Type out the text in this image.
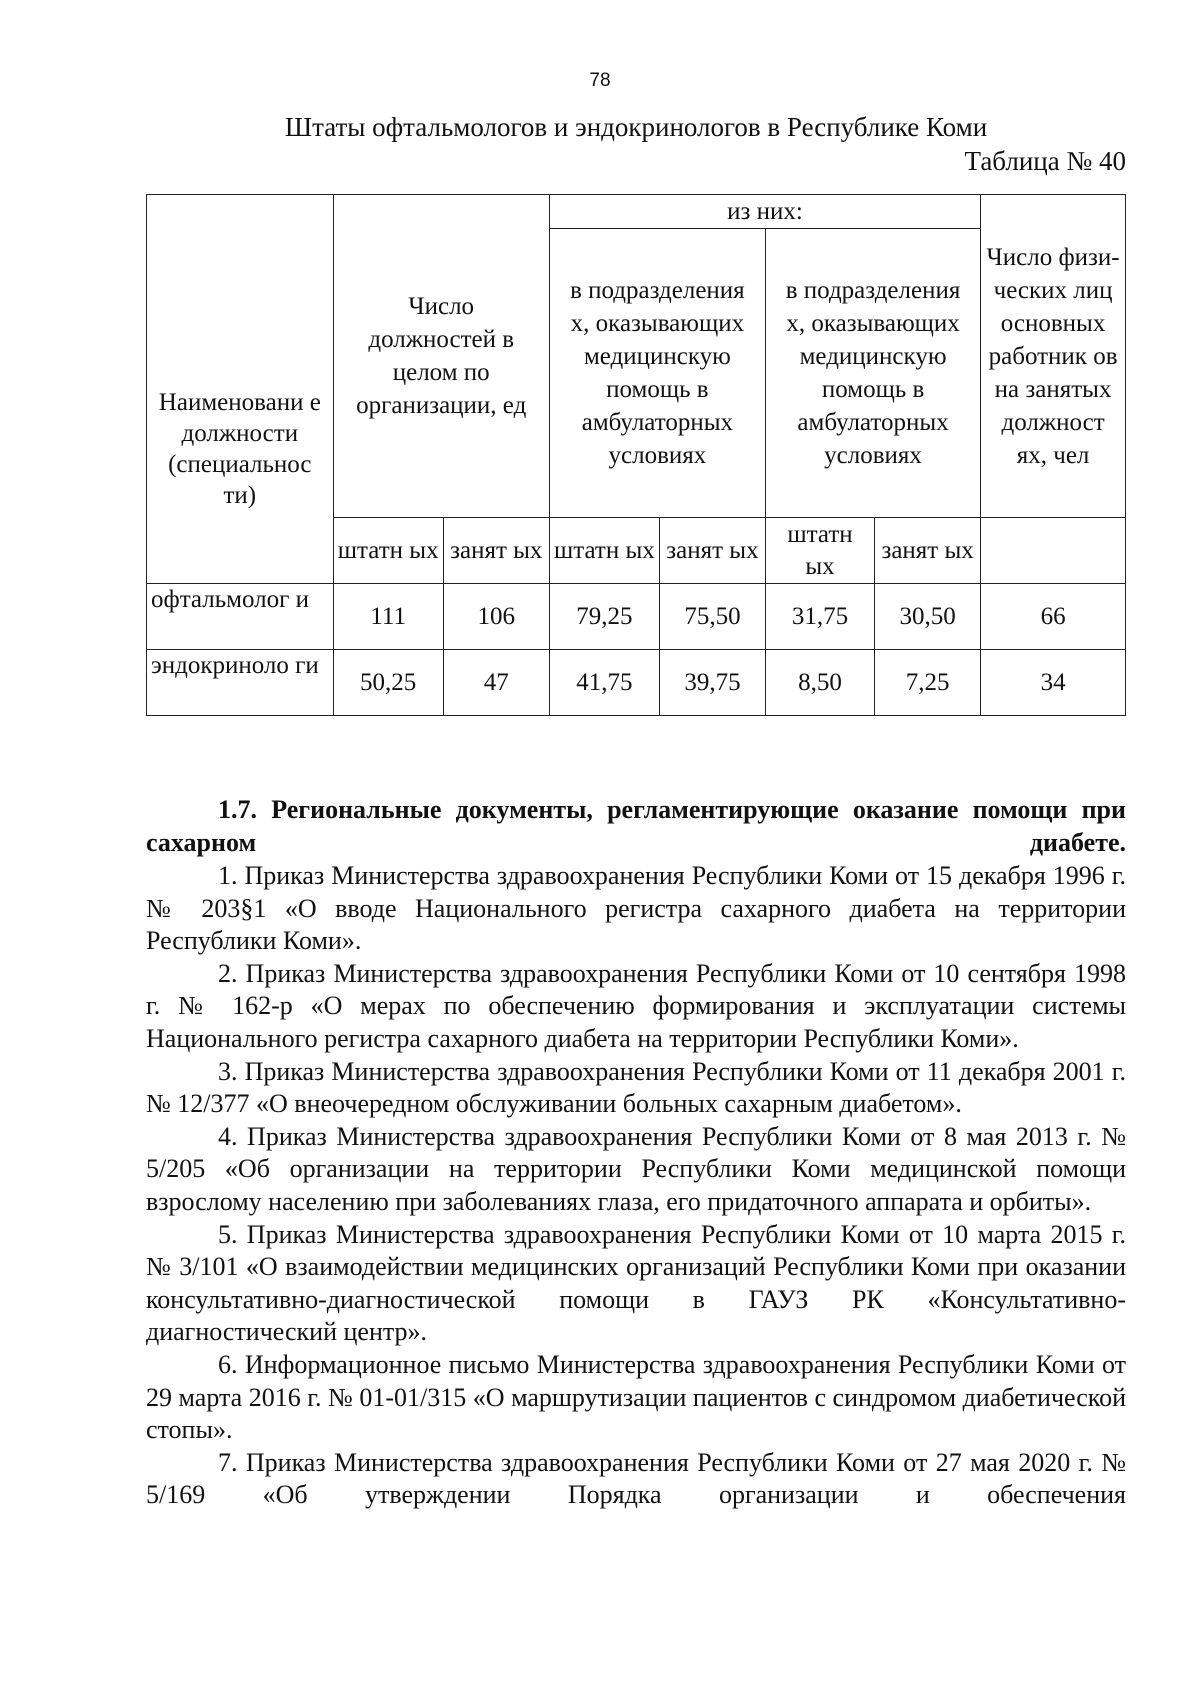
78
Штаты офтальмологов и эндокринологов в Республике Коми
Таблица № 40
Наименовани е должности (специальнос ти)	Число должностей в целом по организации, ед		из них:				Число физи- ческих лиц основных работник ов на занятых должност ях, чел
			в подразделения х, оказывающих медицинскую помощь в амбулаторных условиях		в подразделения х, оказывающих медицинскую помощь в амбулаторных условиях		
	штатн ых	занят ых	штатн ых	занят ых	штатн ых	занят ых	
офтальмолог и	111	106	79,25	75,50	31,75	30,50	66
эндокриноло ги	50,25	47	41,75	39,75	8,50	7,25	34
1.7. Региональные документы, регламентирующие оказание помощи при сахарном диабете.
1. Приказ Министерства здравоохранения Республики Коми от 15 декабря 1996 г. № 203§1 «О вводе Национального регистра сахарного диабета на территории Республики Коми».
2. Приказ Министерства здравоохранения Республики Коми от 10 сентября 1998 г. № 162-р «О мерах по обеспечению формирования и эксплуатации системы Национального регистра сахарного диабета на территории Республики Коми».
3. Приказ Министерства здравоохранения Республики Коми от 11 декабря 2001 г. № 12/377 «О внеочередном обслуживании больных сахарным диабетом».
4. Приказ Министерства здравоохранения Республики Коми от 8 мая 2013 г. № 5/205 «Об организации на территории Республики Коми медицинской помощи взрослому населению при заболеваниях глаза, его придаточного аппарата и орбиты».
5. Приказ Министерства здравоохранения Республики Коми от 10 марта 2015 г. № 3/101 «О взаимодействии медицинских организаций Республики Коми при оказании консультативно-диагностической помощи в ГАУЗ РК «Консультативно-диагностический центр».
6. Информационное письмо Министерства здравоохранения Республики Коми от 29 марта 2016 г. № 01-01/315 «О маршрутизации пациентов с синдромом диабетической стопы».
7. Приказ Министерства здравоохранения Республики Коми от 27 мая 2020 г. № 5/169 «Об утверждении Порядка организации и обеспечения
